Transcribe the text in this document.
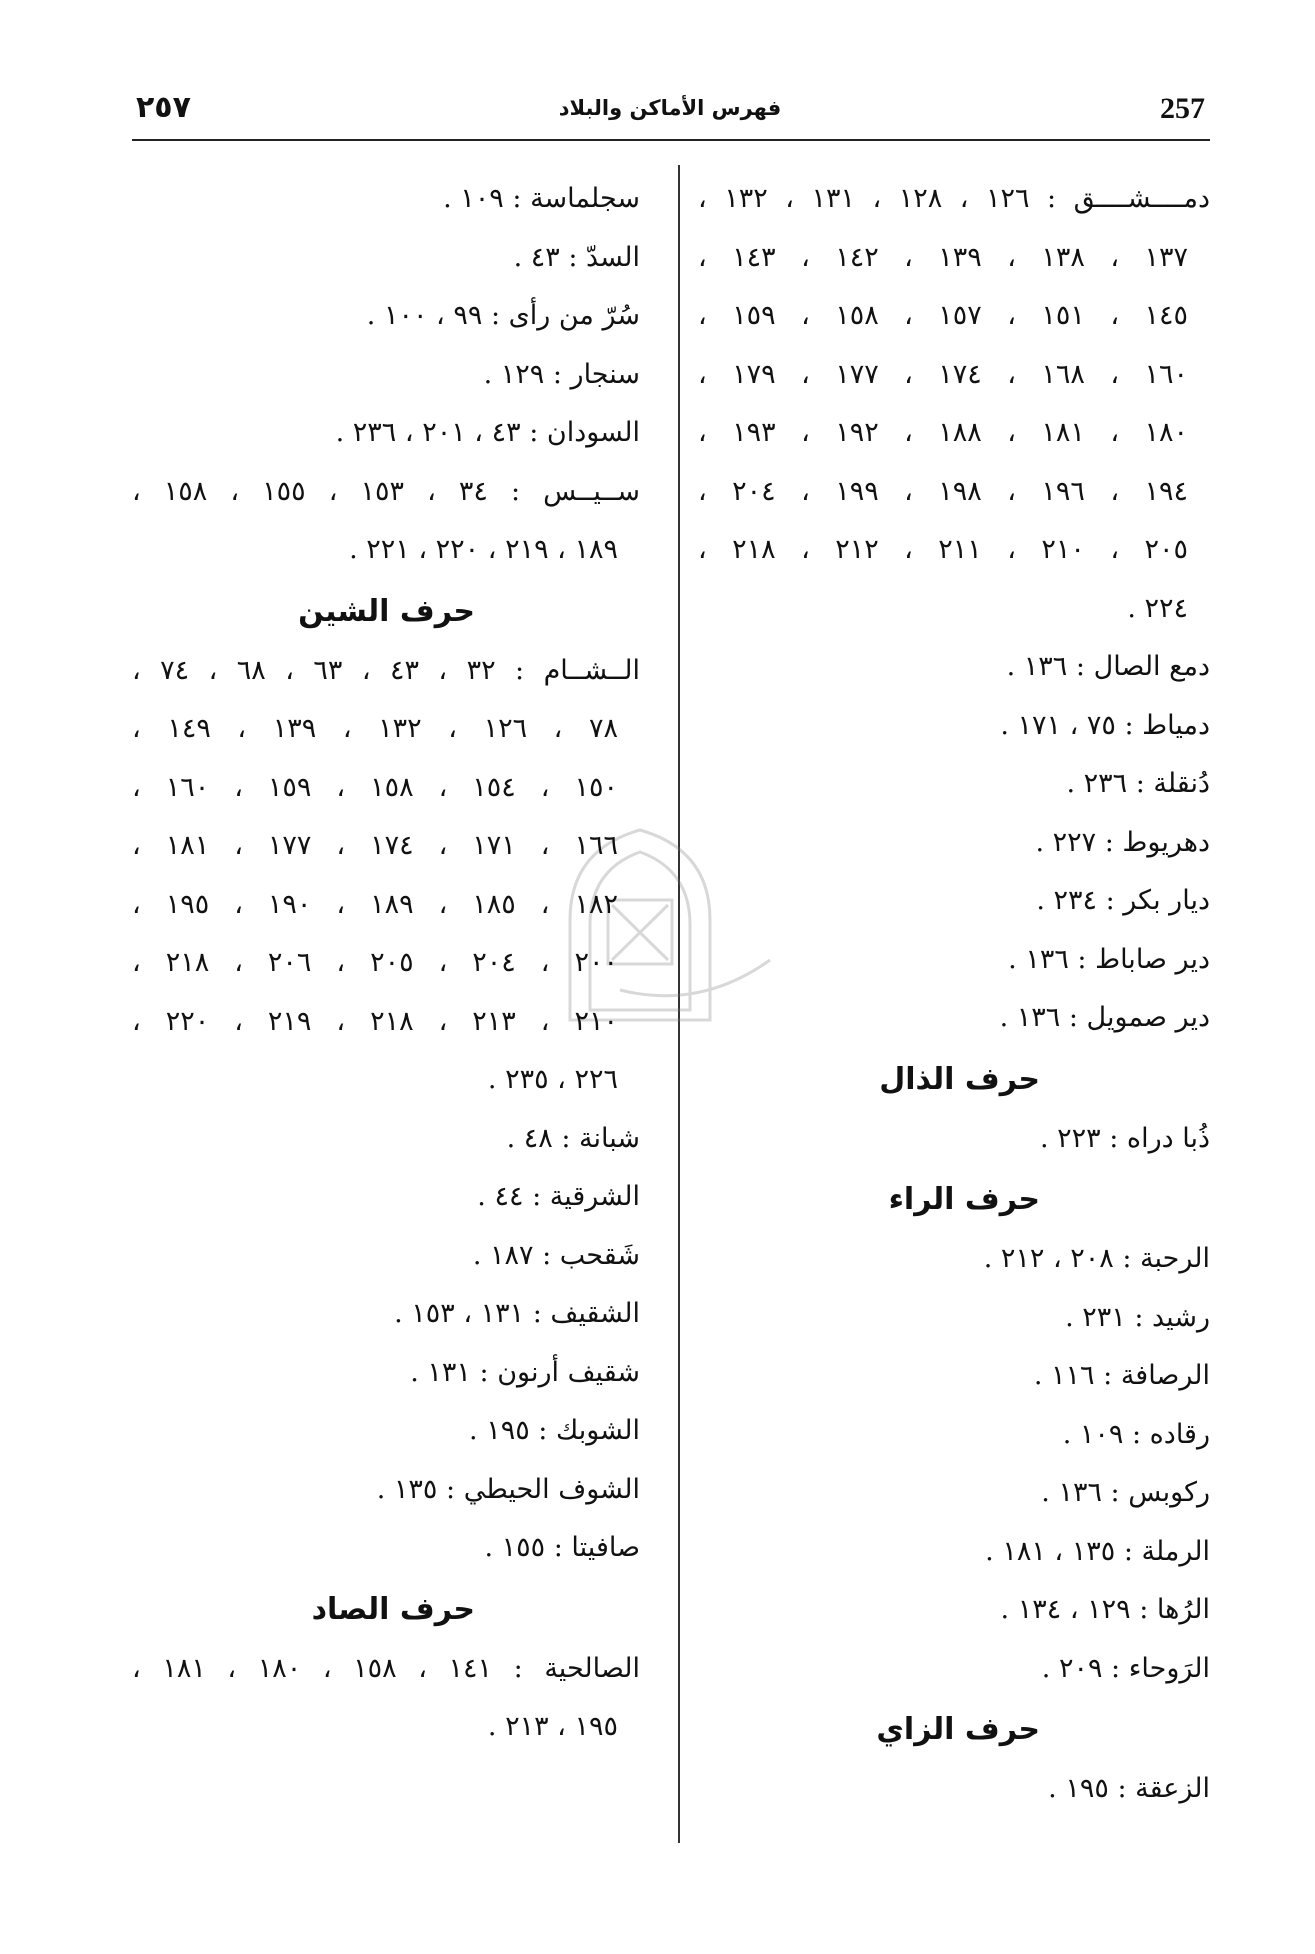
257
فهرس الأماكن والبلاد
٢٥٧

دمــــشــــق : ١٢٦ ، ١٢٨ ، ١٣١ ، ١٣٢ ،

١٣٧ ، ١٣٨ ، ١٣٩ ، ١٤٢ ، ١٤٣ ،

١٤٥ ، ١٥١ ، ١٥٧ ، ١٥٨ ، ١٥٩ ،

١٦٠ ، ١٦٨ ، ١٧٤ ، ١٧٧ ، ١٧٩ ،

١٨٠ ، ١٨١ ، ١٨٨ ، ١٩٢ ، ١٩٣ ،

١٩٤ ، ١٩٦ ، ١٩٨ ، ١٩٩ ، ٢٠٤ ،

٢٠٥ ، ٢١٠ ، ٢١١ ، ٢١٢ ، ٢١٨ ،

٢٢٤ .

دمع الصال : ١٣٦ .

دمياط : ٧٥ ، ١٧١ .

دُنقلة : ٢٣٦ .

دهريوط : ٢٢٧ .

ديار بكر : ٢٣٤ .

دير صاباط : ١٣٦ .

دير صمويل : ١٣٦ .

حرف الذال

ذُبا دراه : ٢٢٣ .

حرف الراء

الرحبة : ٢٠٨ ، ٢١٢ .

رشيد : ٢٣١ .

الرصافة : ١١٦ .

رقاده : ١٠٩ .

ركوبس : ١٣٦ .

الرملة : ١٣٥ ، ١٨١ .

الرُها : ١٢٩ ، ١٣٤ .

الرَوحاء : ٢٠٩ .

حرف الزاي

الزعقة : ١٩٥ .

سجلماسة : ١٠٩ .

السدّ : ٤٣ .

سُرّ من رأى : ٩٩ ، ١٠٠ .

سنجار : ١٢٩ .

السودان : ٤٣ ، ٢٠١ ، ٢٣٦ .

ســيــس : ٣٤ ، ١٥٣ ، ١٥٥ ، ١٥٨ ،

١٨٩ ، ٢١٩ ، ٢٢٠ ، ٢٢١ .

حرف الشين

الــشــام : ٣٢ ، ٤٣ ، ٦٣ ، ٦٨ ، ٧٤ ،

٧٨ ، ١٢٦ ، ١٣٢ ، ١٣٩ ، ١٤٩ ،

١٥٠ ، ١٥٤ ، ١٥٨ ، ١٥٩ ، ١٦٠ ،

١٦٦ ، ١٧١ ، ١٧٤ ، ١٧٧ ، ١٨١ ،

١٨٢ ، ١٨٥ ، ١٨٩ ، ١٩٠ ، ١٩٥ ،

٢٠٠ ، ٢٠٤ ، ٢٠٥ ، ٢٠٦ ، ٢١٨ ،

٢١٠ ، ٢١٣ ، ٢١٨ ، ٢١٩ ، ٢٢٠ ،

٢٢٦ ، ٢٣٥ .

شبانة : ٤٨ .

الشرقية : ٤٤ .

شَقحب : ١٨٧ .

الشقيف : ١٣١ ، ١٥٣ .

شقيف أرنون : ١٣١ .

الشوبك : ١٩٥ .

الشوف الحيطي : ١٣٥ .

صافيتا : ١٥٥ .

حرف الصاد

الصالحية : ١٤١ ، ١٥٨ ، ١٨٠ ، ١٨١ ،

١٩٥ ، ٢١٣ .
